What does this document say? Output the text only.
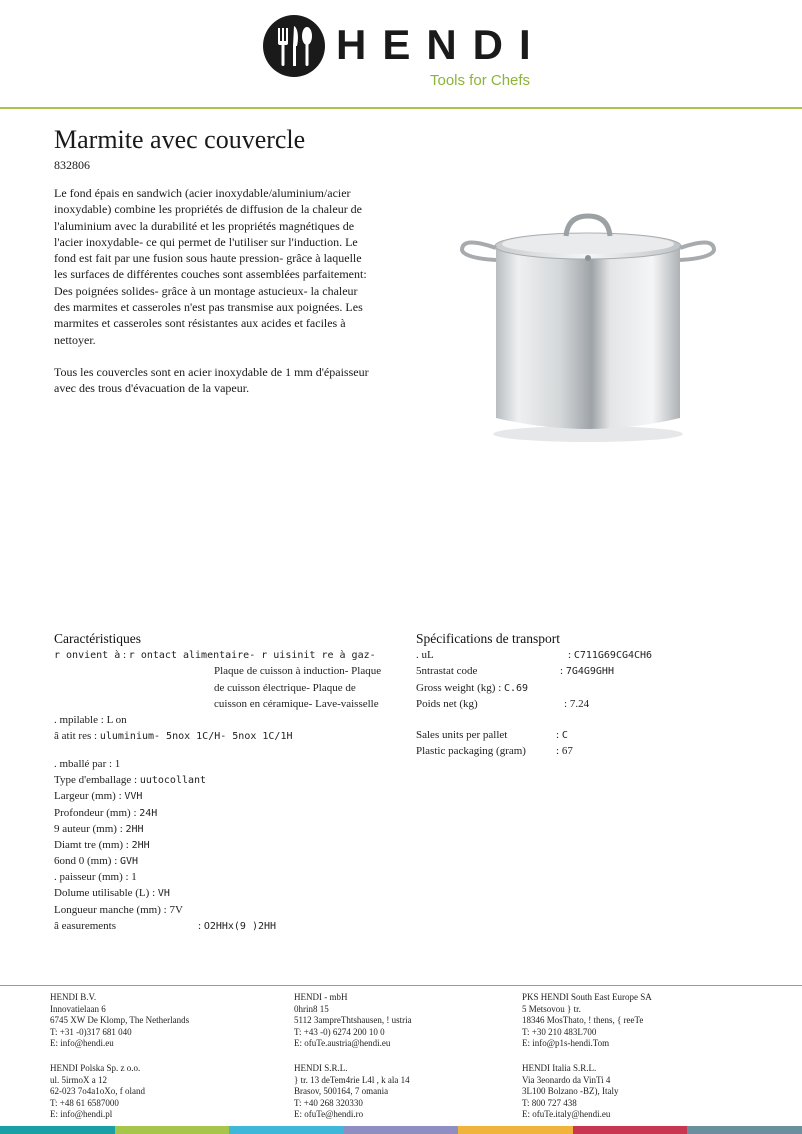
HENDI
Tools for Chefs
Marmite avec couvercle
832806

Le fond épais en sandwich (acier inoxydable/aluminium/acier inoxydable) combine les propriétés de diffusion de la chaleur de l'aluminium avec la durabilité et les propriétés magnétiques de l'acier inoxydable- ce qui permet de l'utiliser sur l'induction. Le fond est fait par une fusion sous haute pression- grâce à laquelle les surfaces de différentes couches sont assemblées parfaitement: Des poignées solides- grâce à un montage astucieux- la chaleur des marmites et casseroles n'est pas transmise aux poignées. Les marmites et casseroles sont résistantes aux acides et faciles à nettoyer.

Tous les couvercles sont en acier inoxydable de 1 mm d'épaisseur avec des trous d'évacuation de la vapeur.

Caractéristiques
r onvient à : r ontact alimentaire- r uisinit re à gaz-
Plaque de cuisson à induction- Plaque
de cuisson électrique- Plaque de
cuisson en céramique- Lave-vaisselle
. mpilable : L on
â atit res : uluminium- 5nox 1C/H- 5nox 1C/1H
. mballé par : 1
Type d'emballage : uutocollant
Largeur (mm) : VVH
Profondeur (mm) : 24H
9 auteur (mm) : 2HH
Diamt tre (mm) : 2HH
6ond 0 (mm) : GVH
. paisseur (mm) : 1
Dolume utilisable (L) : VH
Longueur manche (mm) : 7V
â easurements	: O2HHx(9 )2HH
Spécifications de transport
. uL	: C711G69CG4CH6
5ntrastat code	: 7G4G9GHH
Gross weight (kg) : C.69
Poids net (kg)	: 7.24
Sales units per pallet	: C
Plastic packaging (gram)	: 67
HENDI B.V.
Innovatielaan 6
6745 XW De Klomp, The Netherlands
T: +31 -0)317 681 040
E: info@hendi.eu
HENDI Polska Sp. z o.o.
ul. 5irmoX a 12
62-023 7o4a1oXo, f oland
T: +48 61 6587000
E: info@hendi.pl
HENDI - mbH
0hrin8 15
5112 3ampreThtshausen, ! ustria
T: +43 -0) 6274 200 10 0
E: ofuTe.austria@hendi.eu
HENDI S.R.L.
} tr. 13 deTem4rie L4l , k ala 14
Brasov, 500164, 7 omania
T: +40 268 320330
E: ofuTe@hendi.ro
PKS HENDI South East Europe SA
5 Metsovou } tr.
18346 MosThato, ! thens, { reeTe
T: +30 210 483L700
E: info@p1s-hendi.Tom
HENDI Italia S.R.L.
Via 3eonardo da VinTi 4
3L100 Bolzano -BZ), Italy
T: 800 727 438
E: ofuTe.italy@hendi.eu
